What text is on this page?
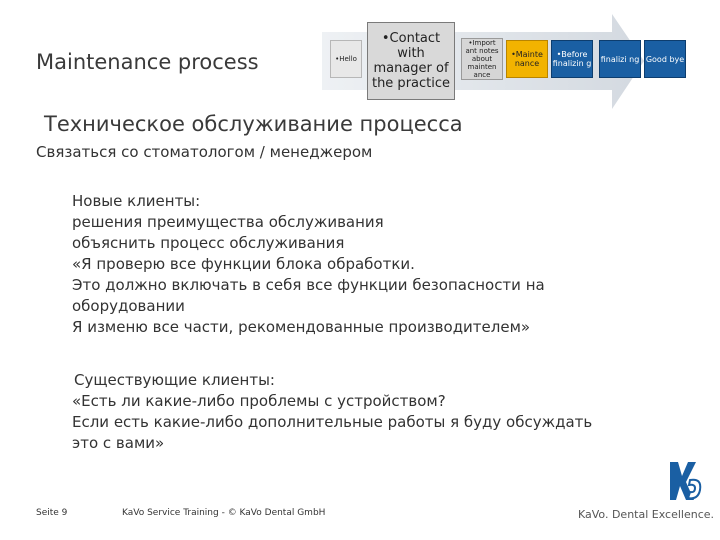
Maintenance process	•Hello
•Contact with manager of the practice
•Import ant notes about mainten ance
•Mainte nance
•Before finalizin g finalizi ng Good bye
Техническое обслуживание процесса
Связаться со стоматологом / менеджером
Новые клиенты:
решения преимущества обслуживания
объяснить процесс обслуживания
«Я проверю все функции блока обработки.
Это должно включать в себя все функции безопасности на
оборудовании
Я изменю все части, рекомендованные производителем»
Существующие клиенты:
«Есть ли какие-либо проблемы с устройством?
Если есть какие-либо дополнительные работы я буду обсуждать
это с вами»
Seite 9	KaVo Service Training - © KaVo Dental GmbH	KaVo. Dental Excellence.
